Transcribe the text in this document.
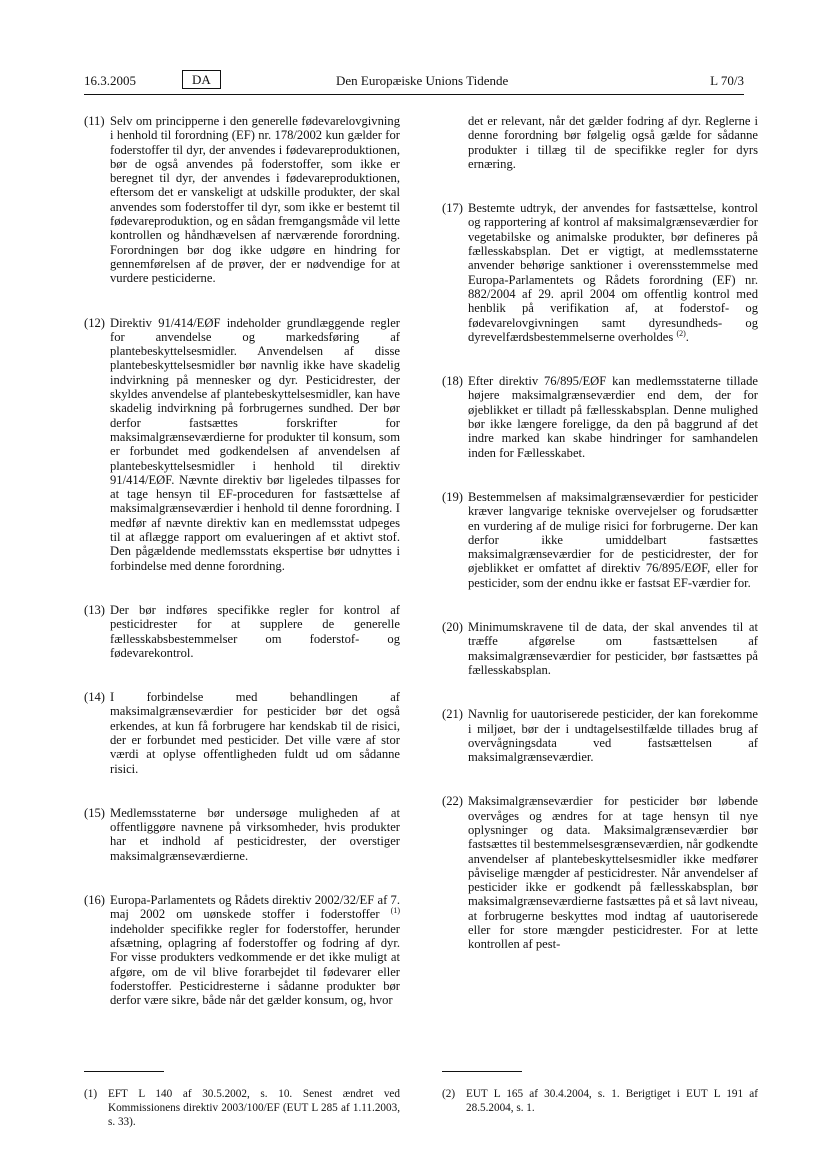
16.3.2005	DA	Den Europæiske Unions Tidende	L 70/3
(11) Selv om principperne i den generelle fødevarelovgivning i henhold til forordning (EF) nr. 178/2002 kun gælder for foderstoffer til dyr, der anvendes i fødevareproduktionen, bør de også anvendes på foderstoffer, som ikke er beregnet til dyr, der anvendes i fødevareproduktionen, eftersom det er vanskeligt at udskille produkter, der skal anvendes som foderstoffer til dyr, som ikke er bestemt til fødevareproduktion, og en sådan fremgangsmåde vil lette kontrollen og håndhævelsen af nærværende forordning. Forordningen bør dog ikke udgøre en hindring for gennemførelsen af de prøver, der er nødvendige for at vurdere pesticiderne.
(12) Direktiv 91/414/EØF indeholder grundlæggende regler for anvendelse og markedsføring af plantebeskyttelsesmidler. Anvendelsen af disse plantebeskyttelsesmidler bør navnlig ikke have skadelig indvirkning på mennesker og dyr. Pesticidrester, der skyldes anvendelse af plantebeskyttelsesmidler, kan have skadelig indvirkning på forbrugernes sundhed. Der bør derfor fastsættes forskrifter for maksimalgrænseværdierne for produkter til konsum, som er forbundet med godkendelsen af anvendelsen af plantebeskyttelsesmidler i henhold til direktiv 91/414/EØF. Nævnte direktiv bør ligeledes tilpasses for at tage hensyn til EF-proceduren for fastsættelse af maksimalgrænseværdier i henhold til denne forordning. I medfør af nævnte direktiv kan en medlemsstat udpeges til at aflægge rapport om evalueringen af et aktivt stof. Den pågældende medlemsstats ekspertise bør udnyttes i forbindelse med denne forordning.
(13) Der bør indføres specifikke regler for kontrol af pesticidrester for at supplere de generelle fællesskabsbestemmelser om foderstof- og fødevarekontrol.
(14) I forbindelse med behandlingen af maksimalgrænseværdier for pesticider bør det også erkendes, at kun få forbrugere har kendskab til de risici, der er forbundet med pesticider. Det ville være af stor værdi at oplyse offentligheden fuldt ud om sådanne risici.
(15) Medlemsstaterne bør undersøge muligheden af at offentliggøre navnene på virksomheder, hvis produkter har et indhold af pesticidrester, der overstiger maksimalgrænseværdierne.
(16) Europa-Parlamentets og Rådets direktiv 2002/32/EF af 7. maj 2002 om uønskede stoffer i foderstoffer $^{(1)}$ indeholder specifikke regler for foderstoffer, herunder afsætning, oplagring af foderstoffer og fodring af dyr. For visse produkters vedkommende er det ikke muligt at afgøre, om de vil blive forarbejdet til fødevarer eller foderstoffer. Pesticidresterne i sådanne produkter bør derfor være sikre, både når det gælder konsum, og, hvor
det er relevant, når det gælder fodring af dyr. Reglerne i denne forordning bør følgelig også gælde for sådanne produkter i tillæg til de specifikke regler for dyrs ernæring.
(17) Bestemte udtryk, der anvendes for fastsættelse, kontrol og rapportering af kontrol af maksimalgrænseværdier for vegetabilske og animalske produkter, bør defineres på fællesskabsplan. Det er vigtigt, at medlemsstaterne anvender behørige sanktioner i overensstemmelse med Europa-Parlamentets og Rådets forordning (EF) nr. 882/2004 af 29. april 2004 om offentlig kontrol med henblik på verifikation af, at foderstof- og fødevarelovgivningen samt dyresundheds- og dyrevelfærdsbestemmelserne overholdes $^{(2)}$.
(18) Efter direktiv 76/895/EØF kan medlemsstaterne tillade højere maksimalgrænseværdier end dem, der for øjeblikket er tilladt på fællesskabsplan. Denne mulighed bør ikke længere foreligge, da den på baggrund af det indre marked kan skabe hindringer for samhandelen inden for Fællesskabet.
(19) Bestemmelsen af maksimalgrænseværdier for pesticider kræver langvarige tekniske overvejelser og forudsætter en vurdering af de mulige risici for forbrugerne. Der kan derfor ikke umiddelbart fastsættes maksimalgrænseværdier for de pesticidrester, der for øjeblikket er omfattet af direktiv 76/895/EØF, eller for pesticider, som der endnu ikke er fastsat EF-værdier for.
(20) Minimumskravene til de data, der skal anvendes til at træffe afgørelse om fastsættelsen af maksimalgrænseværdier for pesticider, bør fastsættes på fællesskabsplan.
(21) Navnlig for uautoriserede pesticider, der kan forekomme i miljøet, bør der i undtagelsestilfælde tillades brug af overvågningsdata ved fastsættelsen af maksimalgrænseværdier.
(22) Maksimalgrænseværdier for pesticider bør løbende overvåges og ændres for at tage hensyn til nye oplysninger og data. Maksimalgrænseværdier bør fastsættes til bestemmelsesgrænseværdien, når godkendte anvendelser af plantebeskyttelsesmidler ikke medfører påviselige mængder af pesticidrester. Når anvendelser af pesticider ikke er godkendt på fællesskabsplan, bør maksimalgrænseværdierne fastsættes på et så lavt niveau, at forbrugerne beskyttes mod indtag af uautoriserede eller for store mængder pesticidrester. For at lette kontrollen af pest-
(1) EFT L 140 af 30.5.2002, s. 10. Senest ændret ved Kommissionens direktiv 2003/100/EF (EUT L 285 af 1.11.2003, s. 33).
(2) EUT L 165 af 30.4.2004, s. 1. Berigtiget i EUT L 191 af 28.5.2004, s. 1.
